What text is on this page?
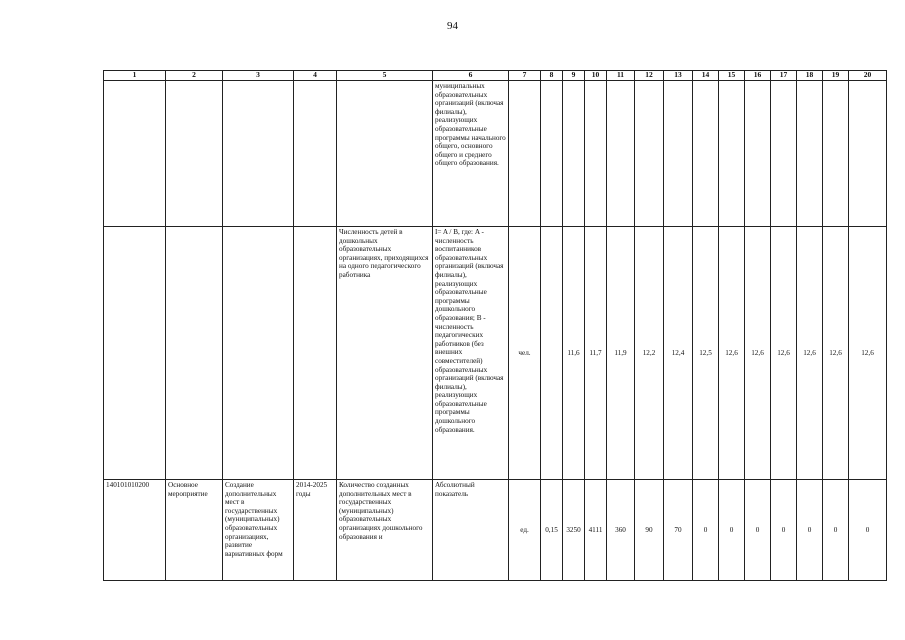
94
1	2	3	4	5	6	7	8	9	10	11	12	13	14	15	16	17	18	19	20
					муниципальных образовательных организаций (включая филиалы), реализующих образовательные программы начального общего, основного общего и среднего общего образования.														
				Численность детей в дошкольных образовательных организациях, приходящихся на одного педагогического работника	I= A / B, где: A - численность воспитанников образовательных организаций (включая филиалы), реализующих образовательные программы дошкольного образования; B - численность педагогических работников (без внешних совместителей) образовательных организаций (включая филиалы), реализующих образовательные программы дошкольного образования.	чел.		11,6	11,7	11,9	12,2	12,4	12,5	12,6	12,6	12,6	12,6	12,6	12,6
140101010200	Основное мероприятие	Создание дополнительных мест в государственных (муниципальных) образовательных организациях, развитие вариативных форм	2014-2025 годы	Количество созданных дополнительных мест в государственных (муниципальных) образовательных организациях дошкольного образования и	Абсолютный показатель	ед.	0,15	3250	4111	360	90	70	0	0	0	0	0	0	0
